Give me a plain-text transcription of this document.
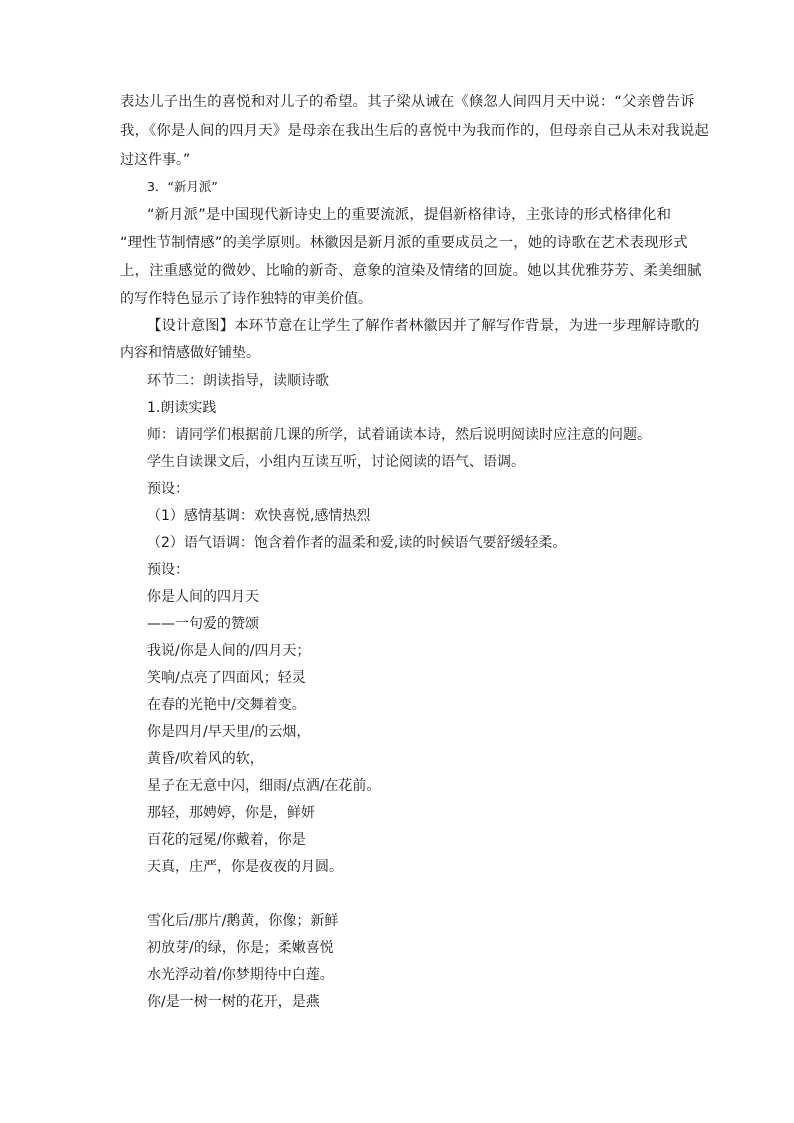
表达儿子出生的喜悦和对儿子的希望。其子梁从诫在《倏忽人间四月天中说：“父亲曾告诉
我，《你是人间的四月天》是母亲在我出生后的喜悦中为我而作的，但母亲自己从未对我说起
过这件事。”
3．“新月派”
“新月派”是中国现代新诗史上的重要流派，提倡新格律诗，主张诗的形式格律化和
“理性节制情感”的美学原则。林徽因是新月派的重要成员之一，她的诗歌在艺术表现形式
上，注重感觉的微妙、比喻的新奇、意象的渲染及情绪的回旋。她以其优雅芬芳、柔美细腻
的写作特色显示了诗作独特的审美价值。
【设计意图】本环节意在让学生了解作者林徽因并了解写作背景，为进一步理解诗歌的
内容和情感做好铺垫。
环节二：朗读指导，读顺诗歌
1.朗读实践
师：请同学们根据前几课的所学，试着诵读本诗，然后说明阅读时应注意的问题。
学生自读课文后，小组内互读互听，讨论阅读的语气、语调。
预设：
（1）感情基调：欢快喜悦,感情热烈
（2）语气语调：饱含着作者的温柔和爱,读的时候语气要舒缓轻柔。
预设：
你是人间的四月天
——一句爱的赞颂
我说/你是人间的/四月天；
笑响/点亮了四面风；轻灵
在春的光艳中/交舞着变。
你是四月/早天里/的云烟，
黄昏/吹着风的软，
星子在无意中闪，细雨/点洒/在花前。
那轻，那娉婷，你是，鲜妍
百花的冠冕/你戴着，你是
天真，庄严，你是夜夜的月圆。
雪化后/那片/鹅黄，你像；新鲜
初放芽/的绿，你是；柔嫩喜悦
水光浮动着/你梦期待中白莲。
你/是一树一树的花开，是燕
